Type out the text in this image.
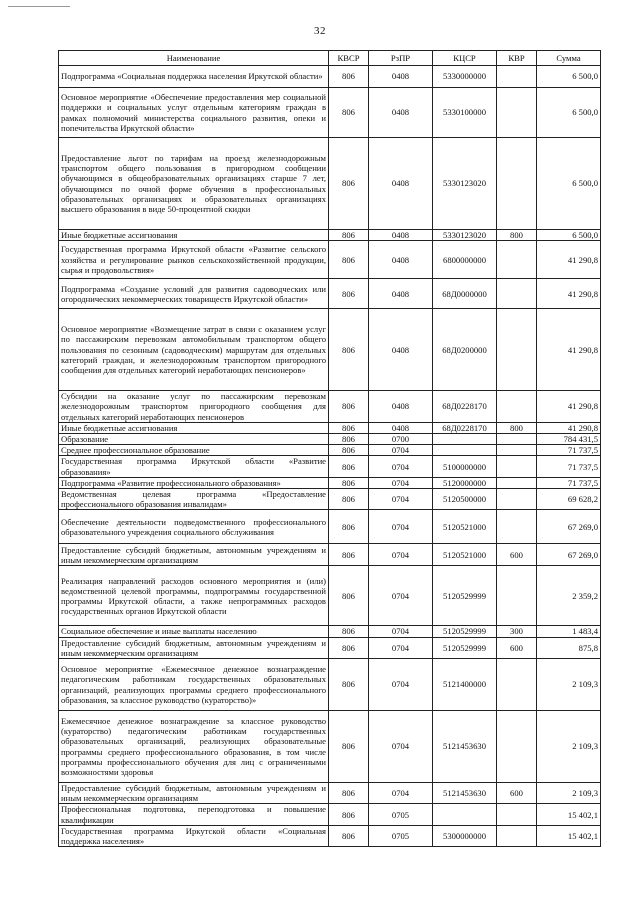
32
Наименование	КВСР	РзПР	КЦСР	КВР	Сумма
Подпрограмма «Социальная поддержка населения Иркутской области»	806	0408	5330000000		6 500,0
Основное мероприятие «Обеспечение предоставления мер социальной поддержки и социальных услуг отдельным категориям граждан в рамках полномочий министерства социального развития, опеки и попечительства Иркутской области»	806	0408	5330100000		6 500,0
Предоставление льгот по тарифам на проезд железнодорожным транспортом общего пользования в пригородном сообщении обучающимся в общеобразовательных организациях старше 7 лет, обучающимся по очной форме обучения в профессиональных образовательных организациях и образовательных организациях высшего образования в виде 50-процентной скидки	806	0408	5330123020		6 500,0
Иные бюджетные ассигнования	806	0408	5330123020	800	6 500,0
Государственная программа Иркутской области «Развитие сельского хозяйства и регулирование рынков сельскохозяйственной продукции, сырья и продовольствия»	806	0408	6800000000		41 290,8
Подпрограмма «Создание условий для развития садоводческих или огороднических некоммерческих товариществ Иркутской области»	806	0408	68Д0000000		41 290,8
Основное мероприятие «Возмещение затрат в связи с оказанием услуг по пассажирским перевозкам автомобильным транспортом общего пользования по сезонным (садоводческим) маршрутам для отдельных категорий граждан, и железнодорожным транспортом пригородного сообщения для отдельных категорий неработающих пенсионеров»	806	0408	68Д0200000		41 290,8
Субсидии на оказание услуг по пассажирским перевозкам железнодорожным транспортом пригородного сообщения для отдельных категорий неработающих пенсионеров	806	0408	68Д0228170		41 290,8
Иные бюджетные ассигнования	806	0408	68Д0228170	800	41 290,8
Образование	806	0700			784 431,5
Среднее профессиональное образование	806	0704			71 737,5
Государственная программа Иркутской области «Развитие образования»	806	0704	5100000000		71 737,5
Подпрограмма «Развитие профессионального образования»	806	0704	5120000000		71 737,5
Ведомственная целевая программа «Предоставление профессионального образования инвалидам»	806	0704	5120500000		69 628,2
Обеспечение деятельности подведомственного профессионального образовательного учреждения социального обслуживания	806	0704	5120521000		67 269,0
Предоставление субсидий бюджетным, автономным учреждениям и иным некоммерческим организациям	806	0704	5120521000	600	67 269,0
Реализация направлений расходов основного мероприятия и (или) ведомственной целевой программы, подпрограммы государственной программы Иркутской области, а также непрограммных расходов государственных органов Иркутской области	806	0704	5120529999		2 359,2
Социальное обеспечение и иные выплаты населению	806	0704	5120529999	300	1 483,4
Предоставление субсидий бюджетным, автономным учреждениям и иным некоммерческим организациям	806	0704	5120529999	600	875,8
Основное мероприятие «Ежемесячное денежное вознаграждение педагогическим работникам государственных образовательных организаций, реализующих программы среднего профессионального образования, за классное руководство (кураторство)»	806	0704	5121400000		2 109,3
Ежемесячное денежное вознаграждение за классное руководство (кураторство) педагогическим работникам государственных образовательных организаций, реализующих образовательные программы среднего профессионального образования, в том числе программы профессионального обучения для лиц с ограниченными возможностями здоровья	806	0704	5121453630		2 109,3
Предоставление субсидий бюджетным, автономным учреждениям и иным некоммерческим организациям	806	0704	5121453630	600	2 109,3
Профессиональная подготовка, переподготовка и повышение квалификации	806	0705			15 402,1
Государственная программа Иркутской области «Социальная поддержка населения»	806	0705	5300000000		15 402,1
